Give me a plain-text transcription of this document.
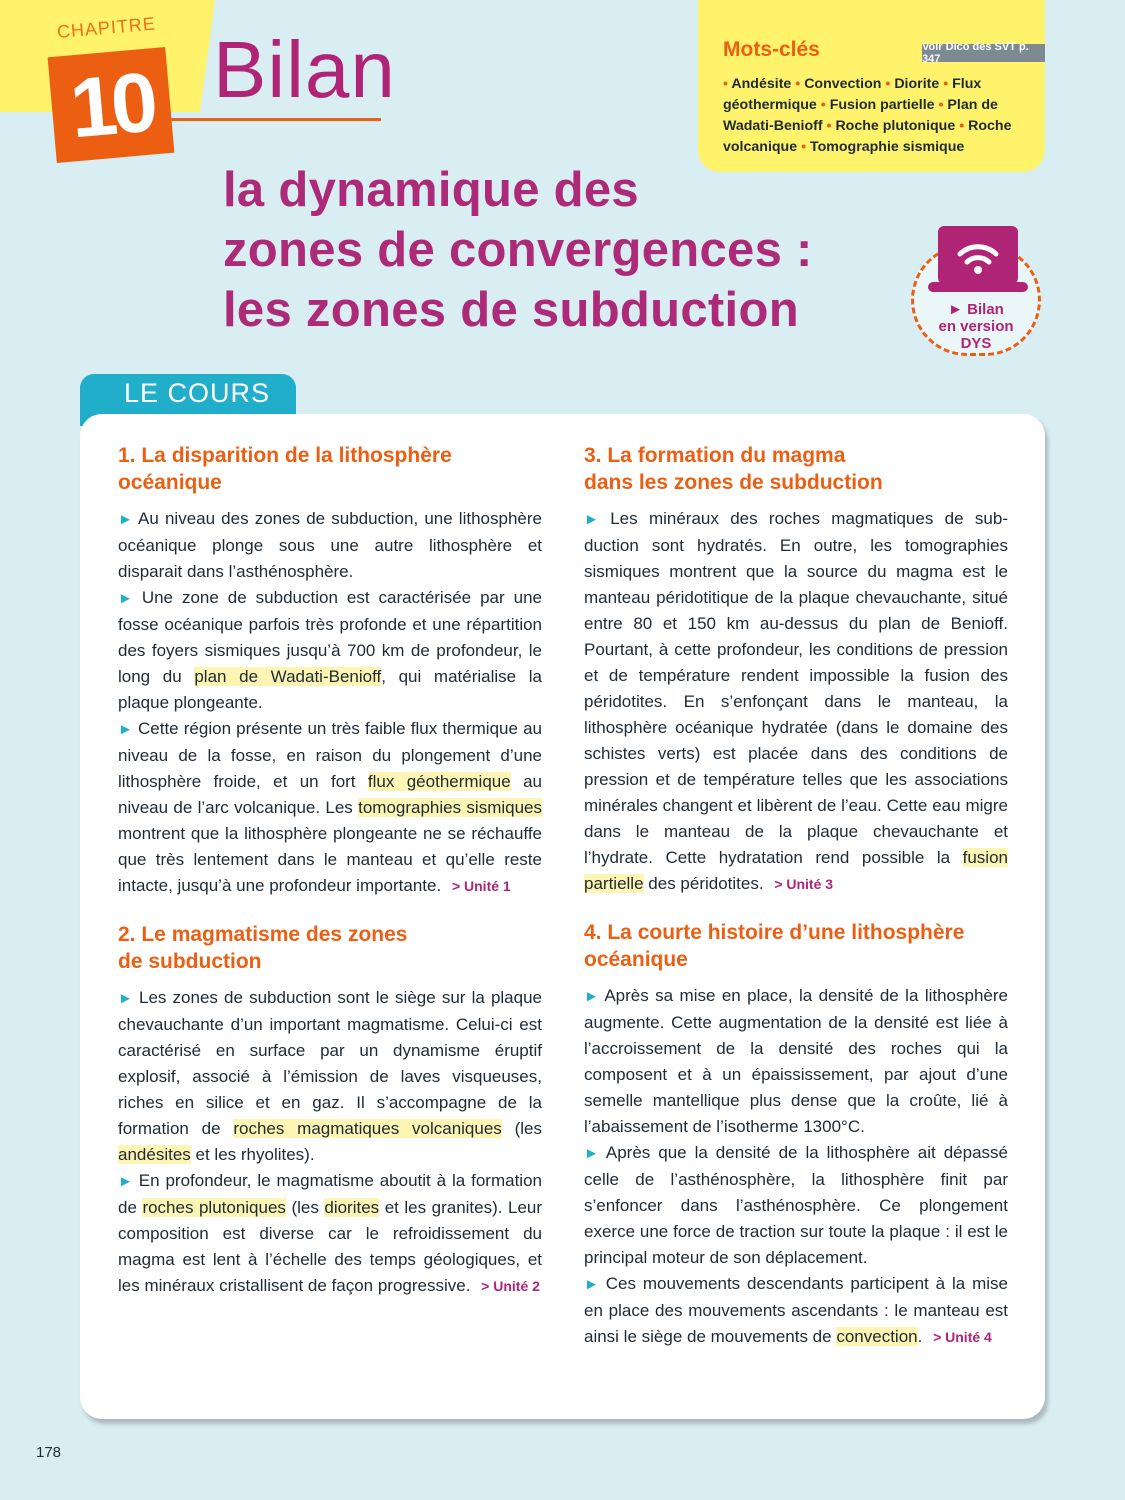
CHAPITRE
10 Bilan	Mots-clés	Voir Dico des SVT p. 347
• Andésite • Convection • Diorite • Flux géothermique • Fusion partielle • Plan de Wadati-Benioff • Roche plutonique • Roche volcanique • Tomographie sismique
la dynamique des
zones de convergences :
les zones de subduction	► Bilan
en version
DYS
LE COURS
1. La disparition de la lithosphère
océanique

► Au niveau des zones de subduction, une lithosphère océanique plonge sous une autre lithosphère et disparait dans l’asthénosphère.

► Une zone de subduction est caractérisée par une fosse océanique parfois très profonde et une répartition des foyers sismiques jusqu’à 700 km de profondeur, le long du plan de Wadati-Benioff, qui matérialise la plaque plongeante.

► Cette région présente un très faible flux thermique au niveau de la fosse, en raison du plongement d’une lithosphère froide, et un fort flux géothermique au niveau de l’arc volcanique. Les tomographies sismiques montrent que la lithosphère plongeante ne se réchauffe que très lentement dans le manteau et qu’elle reste intacte, jusqu’à une profondeur importante. > Unité 1

2. Le magmatisme des zones
de subduction

► Les zones de subduction sont le siège sur la plaque chevauchante d’un important magmatisme. Celui-ci est caractérisé en surface par un dynamisme éruptif explosif, associé à l’émission de laves visqueuses, riches en silice et en gaz. Il s’accompagne de la formation de roches magmatiques volcaniques (les andésites et les rhyolites).

► En profondeur, le magmatisme aboutit à la formation de roches plutoniques (les diorites et les granites). Leur composition est diverse car le refroidissement du magma est lent à l’échelle des temps géologiques, et les minéraux cristallisent de façon progressive. > Unité 2

3. La formation du magma
dans les zones de subduction

► Les minéraux des roches magmatiques de subduction sont hydratés. En outre, les tomographies sismiques montrent que la source du magma est le manteau péridotitique de la plaque chevauchante, situé entre 80 et 150 km au-dessus du plan de Benioff. Pourtant, à cette profondeur, les conditions de pression et de température rendent impossible la fusion des péridotites. En s’enfonçant dans le manteau, la lithosphère océanique hydratée (dans le domaine des schistes verts) est placée dans des conditions de pression et de température telles que les associations minérales changent et libèrent de l’eau. Cette eau migre dans le manteau de la plaque chevauchante et l’hydrate. Cette hydratation rend possible la fusion partielle des péridotites. > Unité 3

4. La courte histoire d’une lithosphère
océanique

► Après sa mise en place, la densité de la lithosphère augmente. Cette augmentation de la densité est liée à l’accroissement de la densité des roches qui la composent et à un épaississement, par ajout d’une semelle mantellique plus dense que la croûte, lié à l’abaissement de l’isotherme 1300°C.

► Après que la densité de la lithosphère ait dépassé celle de l’asthénosphère, la lithosphère finit par s’enfoncer dans l’asthénosphère. Ce plongement exerce une force de traction sur toute la plaque : il est le principal moteur de son déplacement.

► Ces mouvements descendants participent à la mise en place des mouvements ascendants : le manteau est ainsi le siège de mouvements de convection. > Unité 4

178
